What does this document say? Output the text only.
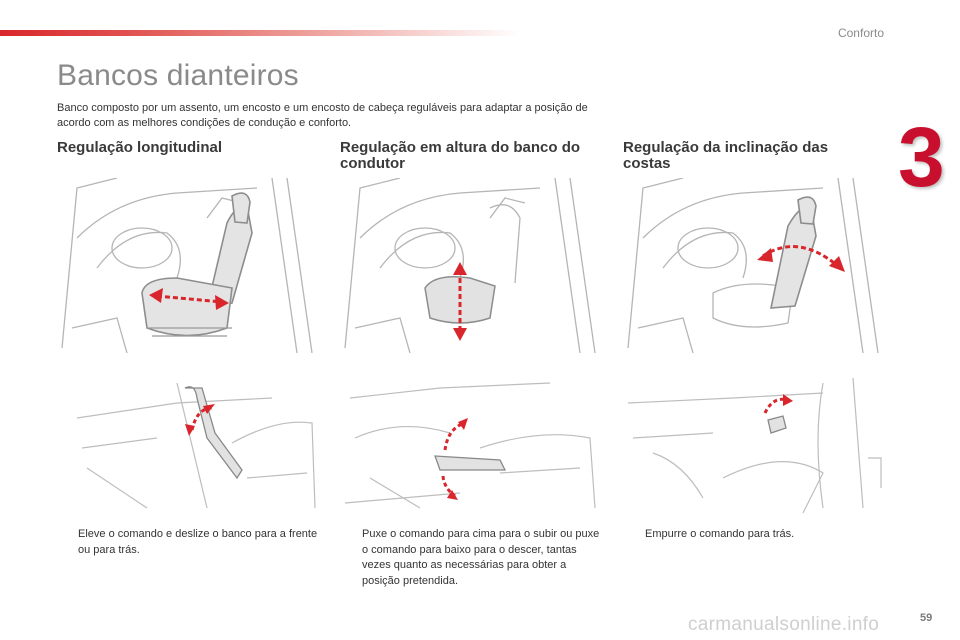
Conforto
3
Bancos dianteiros

Banco composto por um assento, um encosto e um encosto de cabeça reguláveis para adaptar a posição de acordo com as melhores condições de condução e conforto.

Regulação longitudinal	Regulação em altura do banco do condutor
Regulação da inclinação das costas
Eleve o comando e deslize o banco para a frente ou para trás.
Puxe o comando para cima para o subir ou puxe o comando para baixo para o descer, tantas vezes quanto as necessárias para obter a posição pretendida.
Empurre o comando para trás.
carmanualsonline.info	59
